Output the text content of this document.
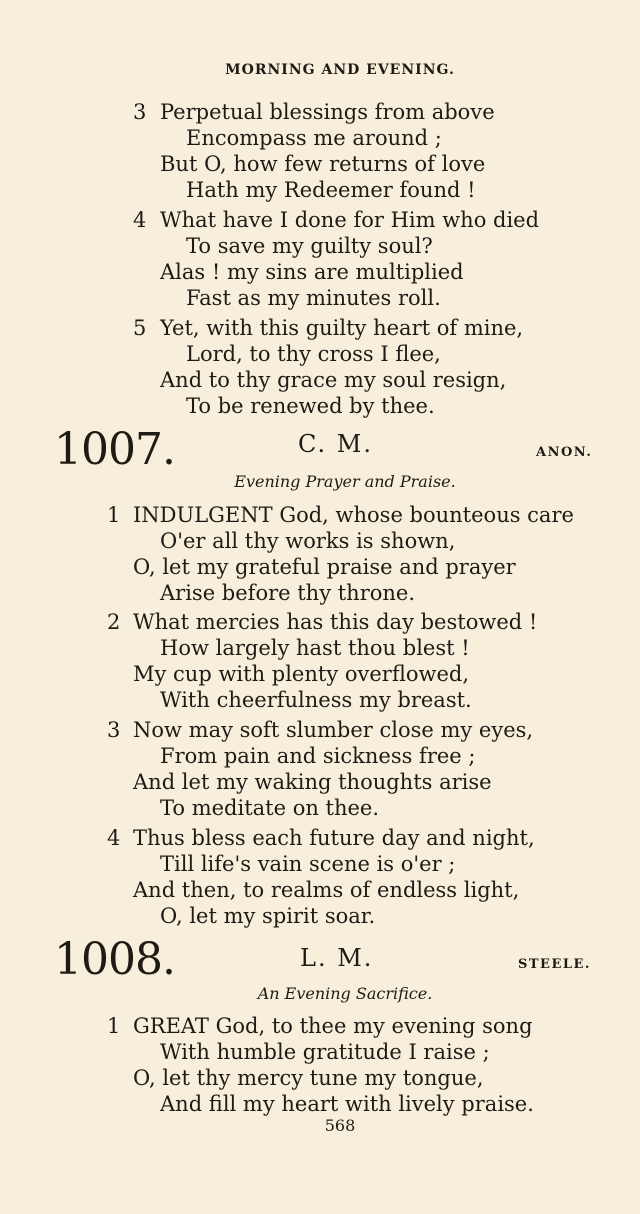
MORNING AND EVENING.
3 Perpetual blessings from above
Encompass me around ;
But O, how few returns of love
Hath my Redeemer found !
4 What have I done for Him who died
To save my guilty soul?
Alas ! my sins are multiplied
Fast as my minutes roll.
5 Yet, with this guilty heart of mine,
Lord, to thy cross I flee,
And to thy grace my soul resign,
To be renewed by thee.
1007.	C. M.	ANON.
Evening Prayer and Praise.
1 INDULGENT God, whose bounteous care
O'er all thy works is shown,
O, let my grateful praise and prayer
Arise before thy throne.
2 What mercies has this day bestowed !
How largely hast thou blest !
My cup with plenty overflowed,
With cheerfulness my breast.
3 Now may soft slumber close my eyes,
From pain and sickness free ;
And let my waking thoughts arise
To meditate on thee.
4 Thus bless each future day and night,
Till life's vain scene is o'er ;
And then, to realms of endless light,
O, let my spirit soar.
1008.	L. M.	STEELE.
An Evening Sacrifice.
1 GREAT God, to thee my evening song
With humble gratitude I raise ;
O, let thy mercy tune my tongue,
And fill my heart with lively praise.
568
